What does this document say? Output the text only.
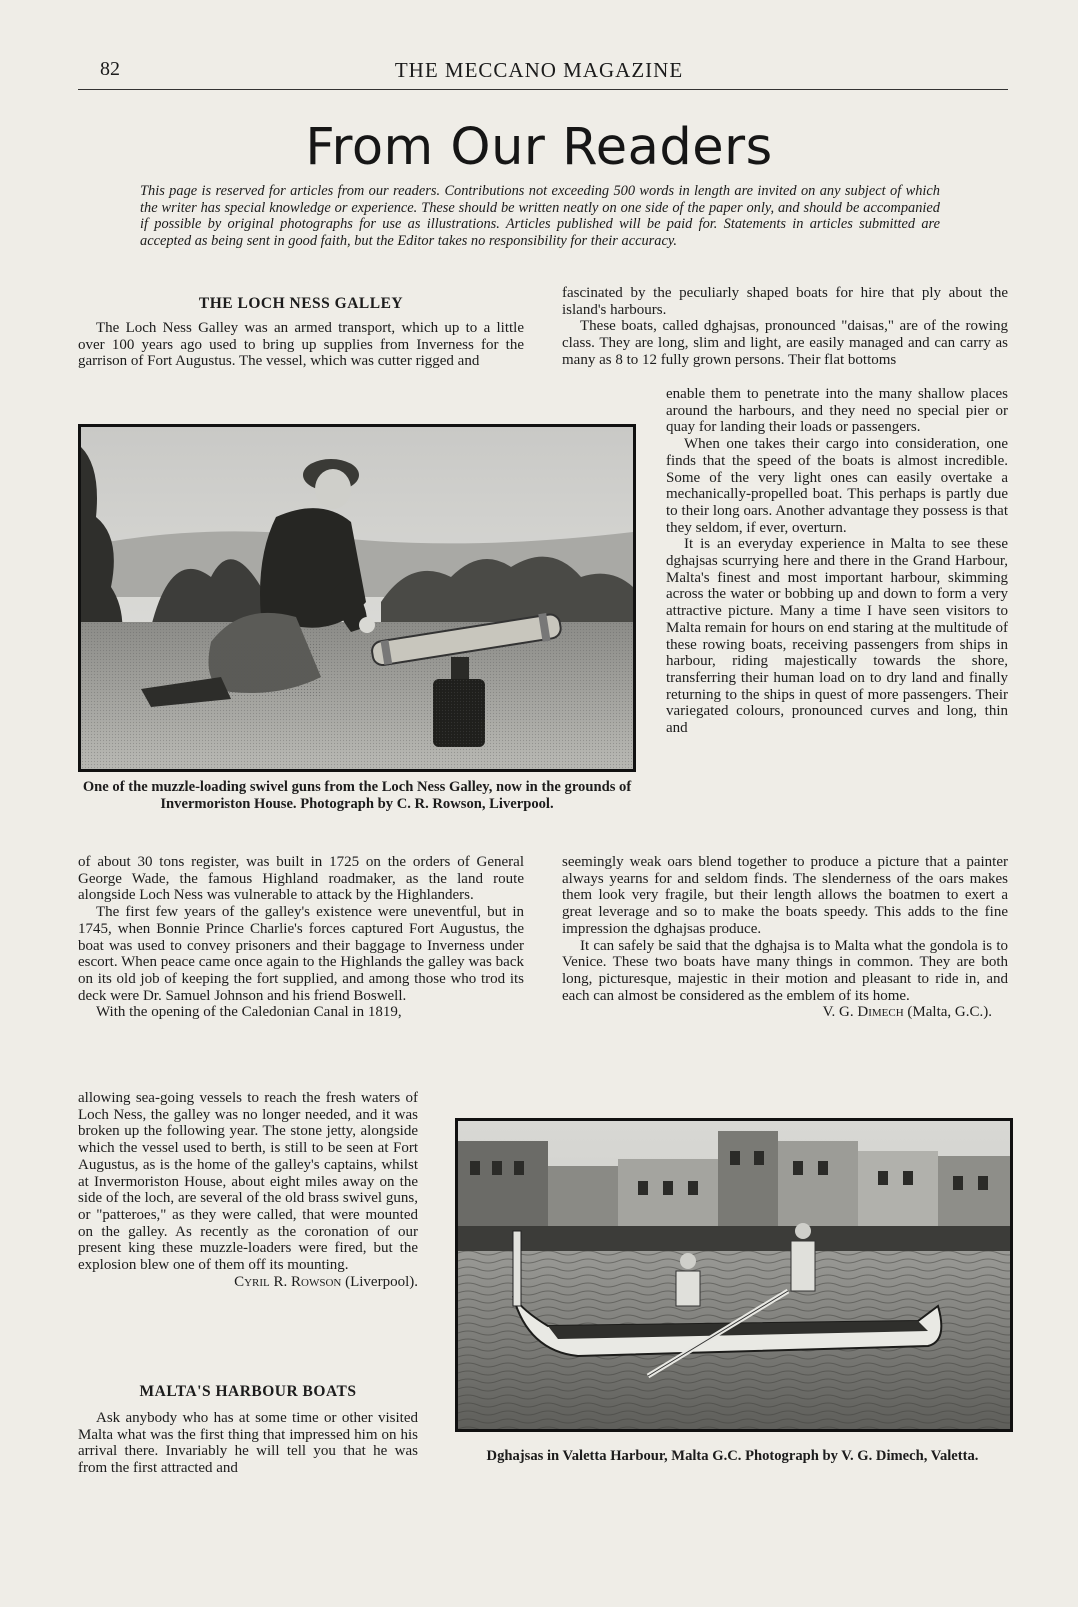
82	THE MECCANO MAGAZINE
From Our Readers
This page is reserved for articles from our readers. Contributions not exceeding 500 words in length are invited on any subject of which the writer has special knowledge or experience. These should be written neatly on one side of the paper only, and should be accompanied if possible by original photographs for use as illustrations. Articles published will be paid for. Statements in articles submitted are accepted as being sent in good faith, but the Editor takes no responsibility for their accuracy.
THE LOCH NESS GALLEY

The Loch Ness Galley was an armed transport, which up to a little over 100 years ago used to bring up supplies from Inverness for the garrison of Fort Augustus. The vessel, which was cutter rigged and

One of the muzzle-loading swivel guns from the Loch Ness Galley, now in the grounds of Invermoriston House. Photograph by C. R. Rowson, Liverpool.

of about 30 tons register, was built in 1725 on the orders of General George Wade, the famous Highland roadmaker, as the land route alongside Loch Ness was vulnerable to attack by the Highlanders.

The first few years of the galley's existence were uneventful, but in 1745, when Bonnie Prince Charlie's forces captured Fort Augustus, the boat was used to convey prisoners and their baggage to Inverness under escort. When peace came once again to the Highlands the galley was back on its old job of keeping the fort supplied, and among those who trod its deck were Dr. Samuel Johnson and his friend Boswell.

With the opening of the Caledonian Canal in 1819,

allowing sea-going vessels to reach the fresh waters of Loch Ness, the galley was no longer needed, and it was broken up the following year. The stone jetty, alongside which the vessel used to berth, is still to be seen at Fort Augustus, as is the home of the galley's captains, whilst at Invermoriston House, about eight miles away on the side of the loch, are several of the old brass swivel guns, or "patteroes," as they were called, that were mounted on the galley. As recently as the coronation of our present king these muzzle-loaders were fired, but the explosion blew one of them off its mounting.

Cyril R. Rowson (Liverpool).
MALTA'S HARBOUR BOATS

Ask anybody who has at some time or other visited Malta what was the first thing that impressed him on his arrival there. Invariably he will tell you that he was from the first attracted and

fascinated by the peculiarly shaped boats for hire that ply about the island's harbours.

These boats, called dghajsas, pronounced "daisas," are of the rowing class. They are long, slim and light, are easily managed and can carry as many as 8 to 12 fully grown persons. Their flat bottoms

enable them to penetrate into the many shallow places around the harbours, and they need no special pier or quay for landing their loads or passengers.

When one takes their cargo into consideration, one finds that the speed of the boats is almost incredible. Some of the very light ones can easily overtake a mechanically-propelled boat. This perhaps is partly due to their long oars. Another advantage they possess is that they seldom, if ever, overturn.

It is an everyday experience in Malta to see these dghajsas scurrying here and there in the Grand Harbour, Malta's finest and most important harbour, skimming across the water or bobbing up and down to form a very attractive picture. Many a time I have seen visitors to Malta remain for hours on end staring at the multitude of these rowing boats, receiving passengers from ships in harbour, riding majestically towards the shore, transferring their human load on to dry land and finally returning to the ships in quest of more passengers. Their variegated colours, pronounced curves and long, thin and

seemingly weak oars blend together to produce a picture that a painter always yearns for and seldom finds. The slenderness of the oars makes them look very fragile, but their length allows the boatmen to exert a great leverage and so to make the boats speedy. This adds to the fine impression the dghajsas produce.

It can safely be said that the dghajsa is to Malta what the gondola is to Venice. These two boats have many things in common. They are both long, picturesque, majestic in their motion and pleasant to ride in, and each can almost be considered as the emblem of its home.

V. G. Dimech (Malta, G.C.).
Dghajsas in Valetta Harbour, Malta G.C. Photograph by V. G. Dimech, Valetta.
